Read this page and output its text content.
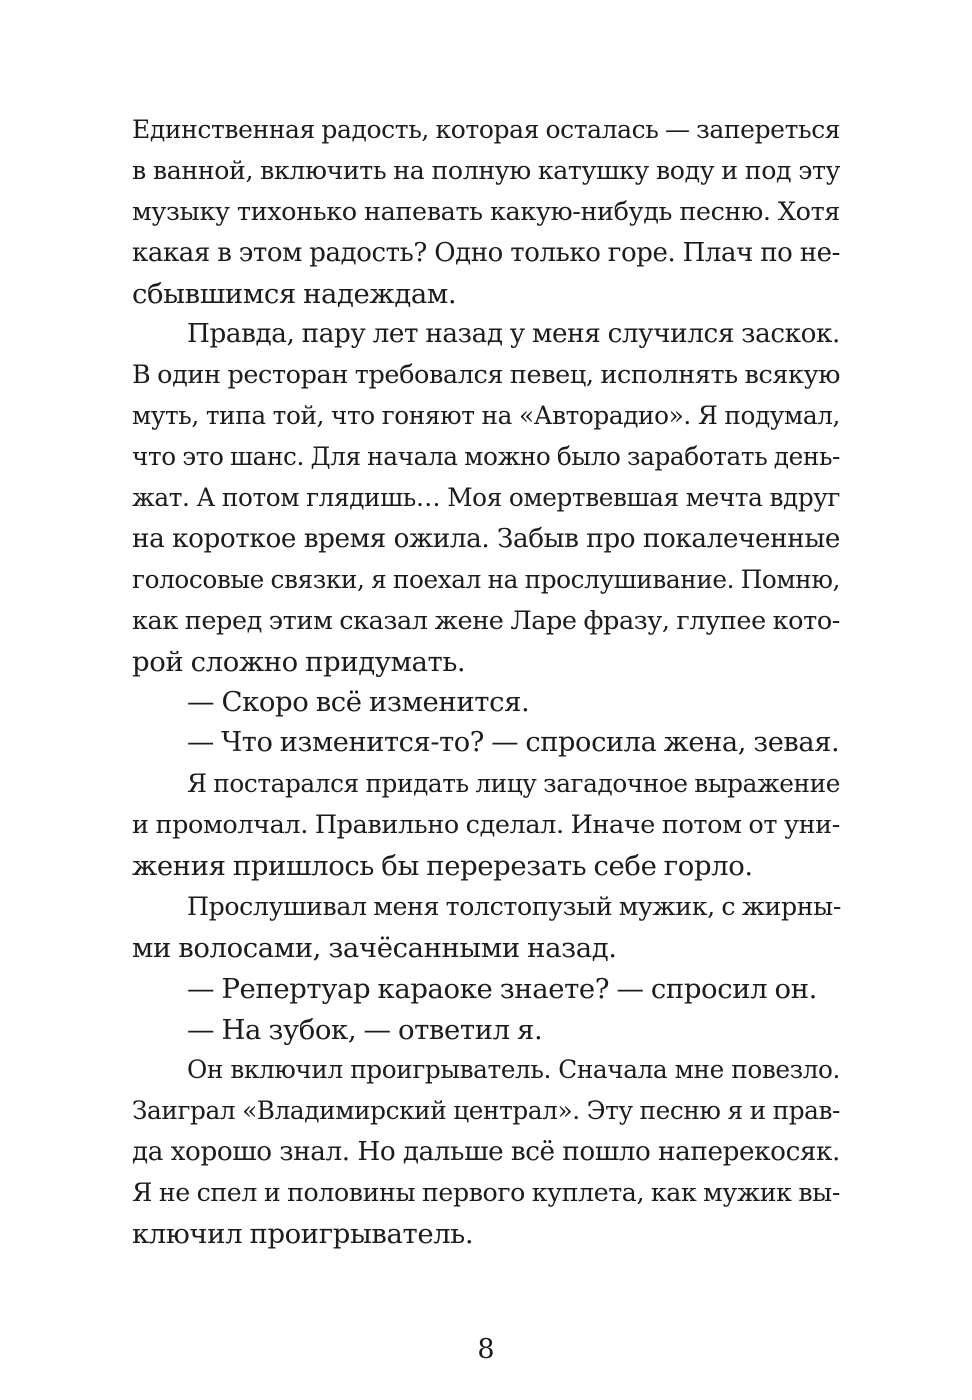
Единственная радость, которая осталась — запереться
в ванной, включить на полную катушку воду и под эту
музыку тихонько напевать какую-нибудь песню. Хотя
какая в этом радость? Одно только горе. Плач по не-
сбывшимся надеждам.
Правда, пару лет назад у меня случился заскок.
В один ресторан требовался певец, исполнять всякую
муть, типа той, что гоняют на «Авторадио». Я подумал,
что это шанс. Для начала можно было заработать день-
жат. А потом глядишь… Моя омертвевшая мечта вдруг
на короткое время ожила. Забыв про покалеченные
голосовые связки, я поехал на прослушивание. Помню,
как перед этим сказал жене Ларе фразу, глупее кото-
рой сложно придумать.
— Скоро всё изменится.
— Что изменится-то? — спросила жена, зевая.
Я постарался придать лицу загадочное выражение
и промолчал. Правильно сделал. Иначе потом от уни-
жения пришлось бы перерезать себе горло.
Прослушивал меня толстопузый мужик, с жирны-
ми волосами, зачёсанными назад.
— Репертуар караоке знаете? — спросил он.
— На зубок, — ответил я.
Он включил проигрыватель. Сначала мне повезло.
Заиграл «Владимирский централ». Эту песню я и прав-
да хорошо знал. Но дальше всё пошло наперекосяк.
Я не спел и половины первого куплета, как мужик вы-
ключил проигрыватель.
8
